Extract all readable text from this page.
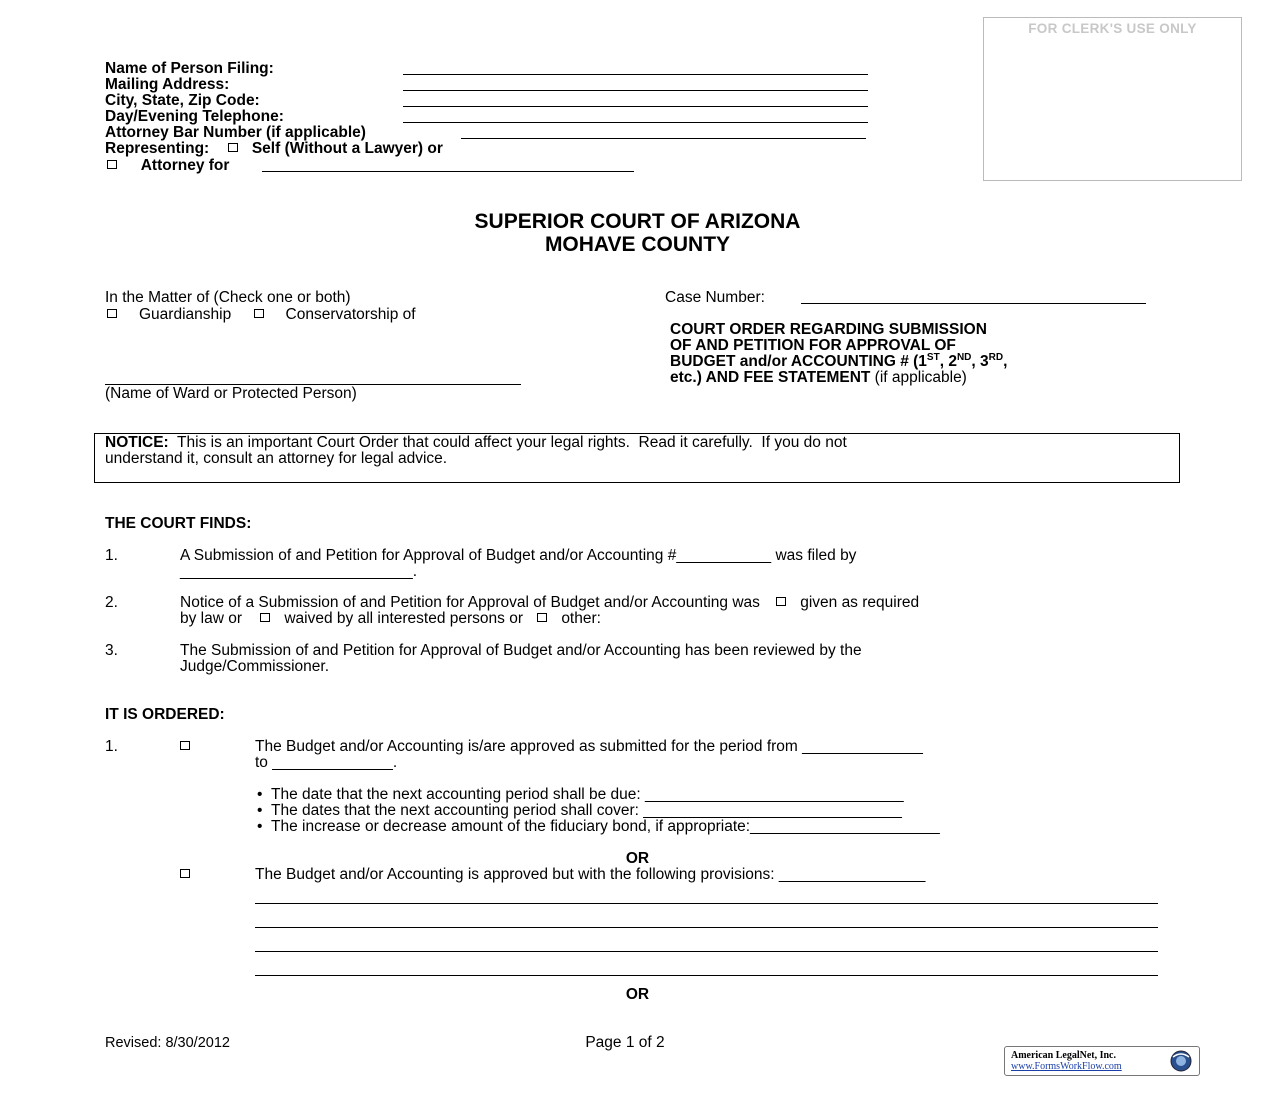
FOR CLERK'S USE ONLY
Name of Person Filing:
Mailing Address:
City, State, Zip Code:
Day/Evening Telephone:
Attorney Bar Number (if applicable)
Representing:	Self (Without a Lawyer) or
Attorney for
SUPERIOR COURT OF ARIZONA
MOHAVE COUNTY
In the Matter of (Check one or both)
Guardianship	Conservatorship of
(Name of Ward or Protected Person)
Case Number:
COURT ORDER REGARDING SUBMISSION
OF AND PETITION FOR APPROVAL OF
BUDGET and/or ACCOUNTING # (1ST, 2ND, 3RD,
etc.) AND FEE STATEMENT (if applicable)
NOTICE:  This is an important Court Order that could affect your legal rights.  Read it carefully.  If you do not
understand it, consult an attorney for legal advice.
THE COURT FINDS:
1.	A Submission of and Petition for Approval of Budget and/or Accounting #___________ was filed by
___________________________.
2.	Notice of a Submission of and Petition for Approval of Budget and/or Accounting was	given as required
by law or	waived by all interested persons or other:
3.	The Submission of and Petition for Approval of Budget and/or Accounting has been reviewed by the
Judge/Commissioner.
IT IS ORDERED:
1.	The Budget and/or Accounting is/are approved as submitted for the period from ______________
to ______________.
•  The date that the next accounting period shall be due: ______________________________
•  The dates that the next accounting period shall cover: ______________________________
•  The increase or decrease amount of the fiduciary bond, if appropriate:______________________
OR
The Budget and/or Accounting is approved but with the following provisions: _________________
OR
Revised: 8/30/2012	Page 1 of 2
American LegalNet, Inc.
www.FormsWorkFlow.com
